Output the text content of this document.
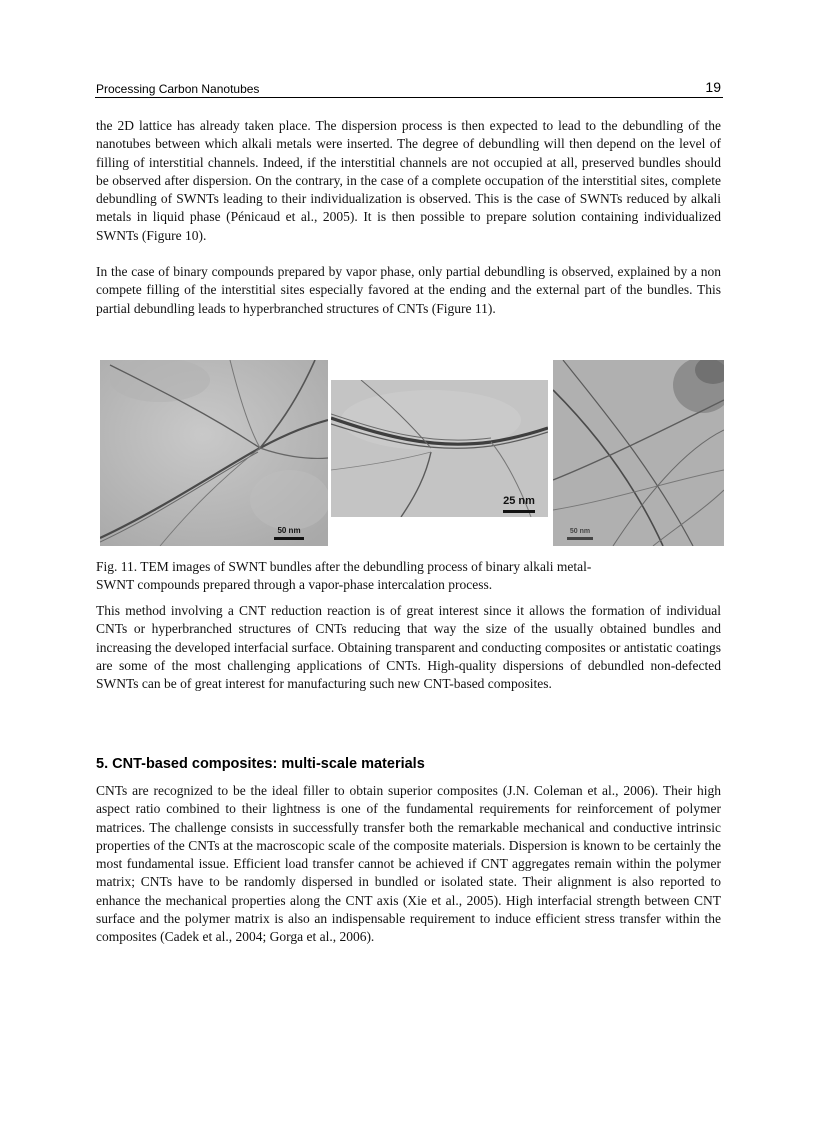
Processing Carbon Nanotubes	19

the 2D lattice has already taken place. The dispersion process is then expected to lead to the debundling of the nanotubes between which alkali metals were inserted. The degree of debundling will then depend on the level of filling of interstitial channels. Indeed, if the interstitial channels are not occupied at all, preserved bundles should be observed after dispersion. On the contrary, in the case of a complete occupation of the interstitial sites, complete debundling of SWNTs leading to their individualization is observed. This is the case of SWNTs reduced by alkali metals in liquid phase (Pénicaud et al., 2005). It is then possible to prepare solution containing individualized SWNTs (Figure 10).

In the case of binary compounds prepared by vapor phase, only partial debundling is observed, explained by a non compete filling of the interstitial sites especially favored at the ending and the external part of the bundles. This partial debundling leads to hyperbranched structures of CNTs (Figure 11).

50 nm
25 nm
50 nm

Fig. 11. TEM images of SWNT bundles after the debundling process of binary alkali metal-
SWNT compounds prepared through a vapor-phase intercalation process.

This method involving a CNT reduction reaction is of great interest since it allows the formation of individual CNTs or hyperbranched structures of CNTs reducing that way the size of the usually obtained bundles and increasing the developed interfacial surface. Obtaining transparent and conducting composites or antistatic coatings are some of the most challenging applications of CNTs. High-quality dispersions of debundled non-defected SWNTs can be of great interest for manufacturing such new CNT-based composites.

5. CNT-based composites: multi-scale materials

CNTs are recognized to be the ideal filler to obtain superior composites (J.N. Coleman et al., 2006). Their high aspect ratio combined to their lightness is one of the fundamental requirements for reinforcement of polymer matrices. The challenge consists in successfully transfer both the remarkable mechanical and conductive intrinsic properties of the CNTs at the macroscopic scale of the composite materials. Dispersion is known to be certainly the most fundamental issue. Efficient load transfer cannot be achieved if CNT aggregates remain within the polymer matrix; CNTs have to be randomly dispersed in bundled or isolated state. Their alignment is also reported to enhance the mechanical properties along the CNT axis (Xie et al., 2005). High interfacial strength between CNT surface and the polymer matrix is also an indispensable requirement to induce efficient stress transfer within the composites (Cadek et al., 2004; Gorga et al., 2006).
